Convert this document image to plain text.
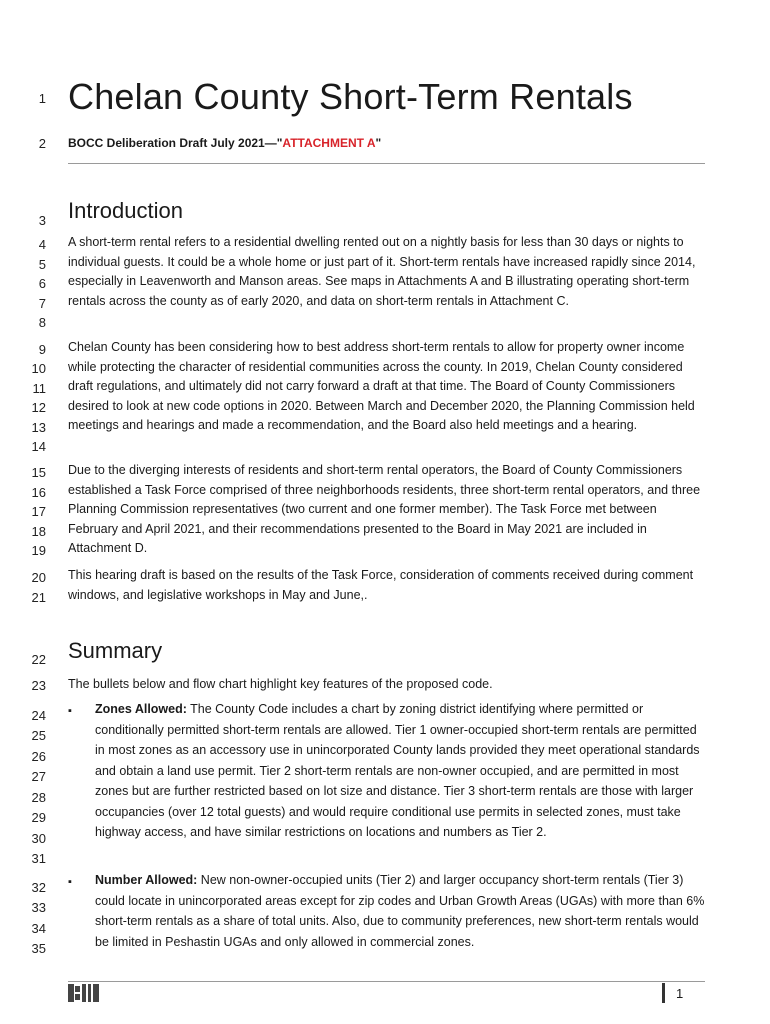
1
2
3
4
5
6
7
8
9
10
11
12
13
14
15
16
17
18
19
20
21
22
23
24
25
26
27
28
29
30
31
32
33
34
35
Chelan County Short-Term Rentals

BOCC Deliberation Draft July 2021—"ATTACHMENT A"

Introduction

A short-term rental refers to a residential dwelling rented out on a nightly basis for less than 30 days or nights to individual guests. It could be a whole home or just part of it. Short-term rentals have increased rapidly since 2014, especially in Leavenworth and Manson areas. See maps in Attachments A and B illustrating operating short-term rentals across the county as of early 2020, and data on short-term rentals in Attachment C.

Chelan County has been considering how to best address short-term rentals to allow for property owner income while protecting the character of residential communities across the county. In 2019, Chelan County considered draft regulations, and ultimately did not carry forward a draft at that time. The Board of County Commissioners desired to look at new code options in 2020. Between March and December 2020, the Planning Commission held meetings and hearings and made a recommendation, and the Board also held meetings and a hearing.

Due to the diverging interests of residents and short-term rental operators, the Board of County Commissioners established a Task Force comprised of three neighborhoods residents, three short-term rental operators, and three Planning Commission representatives (two current and one former member). The Task Force met between February and April 2021, and their recommendations presented to the Board in May 2021 are included in Attachment D.

This hearing draft is based on the results of the Task Force, consideration of comments received during comment windows, and legislative workshops in May and June,.

Summary

The bullets below and flow chart highlight key features of the proposed code.

▪ Zones Allowed: The County Code includes a chart by zoning district identifying where permitted or conditionally permitted short-term rentals are allowed. Tier 1 owner-occupied short-term rentals are permitted in most zones as an accessory use in unincorporated County lands provided they meet operational standards and obtain a land use permit. Tier 2 short-term rentals are non-owner occupied, and are permitted in most zones but are further restricted based on lot size and distance. Tier 3 short-term rentals are those with larger occupancies (over 12 total guests) and would require conditional use permits in selected zones, must take highway access, and have similar restrictions on locations and numbers as Tier 2.

▪ Number Allowed: New non-owner-occupied units (Tier 2) and larger occupancy short-term rentals (Tier 3) could locate in unincorporated areas except for zip codes and Urban Growth Areas (UGAs) with more than 6% short-term rentals as a share of total units. Also, due to community preferences, new short-term rentals would be limited in Peshastin UGAs and only allowed in commercial zones.

1
